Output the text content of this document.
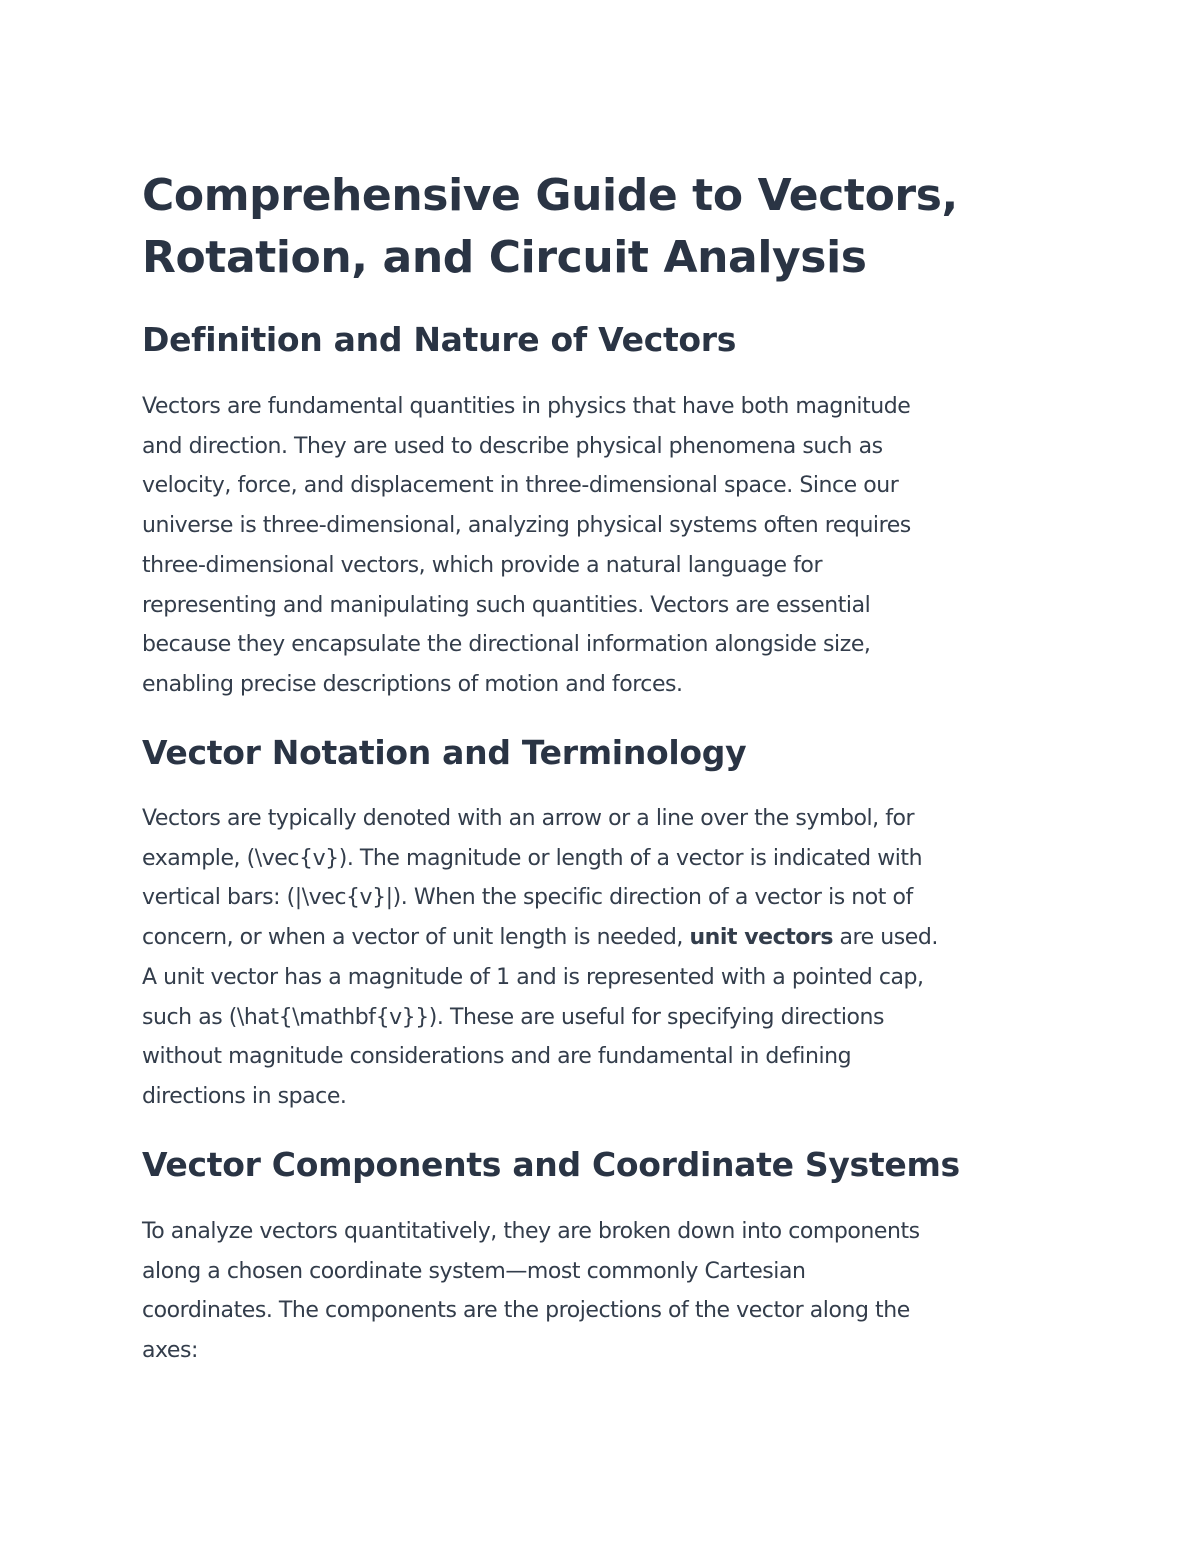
Comprehensive Guide to Vectors,
Rotation, and Circuit Analysis
Definition and Nature of Vectors

Vectors are fundamental quantities in physics that have both magnitude
and direction. They are used to describe physical phenomena such as
velocity, force, and displacement in three-dimensional space. Since our
universe is three-dimensional, analyzing physical systems often requires
three-dimensional vectors, which provide a natural language for
representing and manipulating such quantities. Vectors are essential
because they encapsulate the directional information alongside size,
enabling precise descriptions of motion and forces.

Vector Notation and Terminology

Vectors are typically denoted with an arrow or a line over the symbol, for
example, (\vec{v}). The magnitude or length of a vector is indicated with
vertical bars: (|\vec{v}|). When the specific direction of a vector is not of
concern, or when a vector of unit length is needed, unit vectors are used.
A unit vector has a magnitude of 1 and is represented with a pointed cap,
such as (\hat{\mathbf{v}}). These are useful for specifying directions
without magnitude considerations and are fundamental in defining
directions in space.

Vector Components and Coordinate Systems

To analyze vectors quantitatively, they are broken down into components
along a chosen coordinate system—most commonly Cartesian
coordinates. The components are the projections of the vector along the
axes:
